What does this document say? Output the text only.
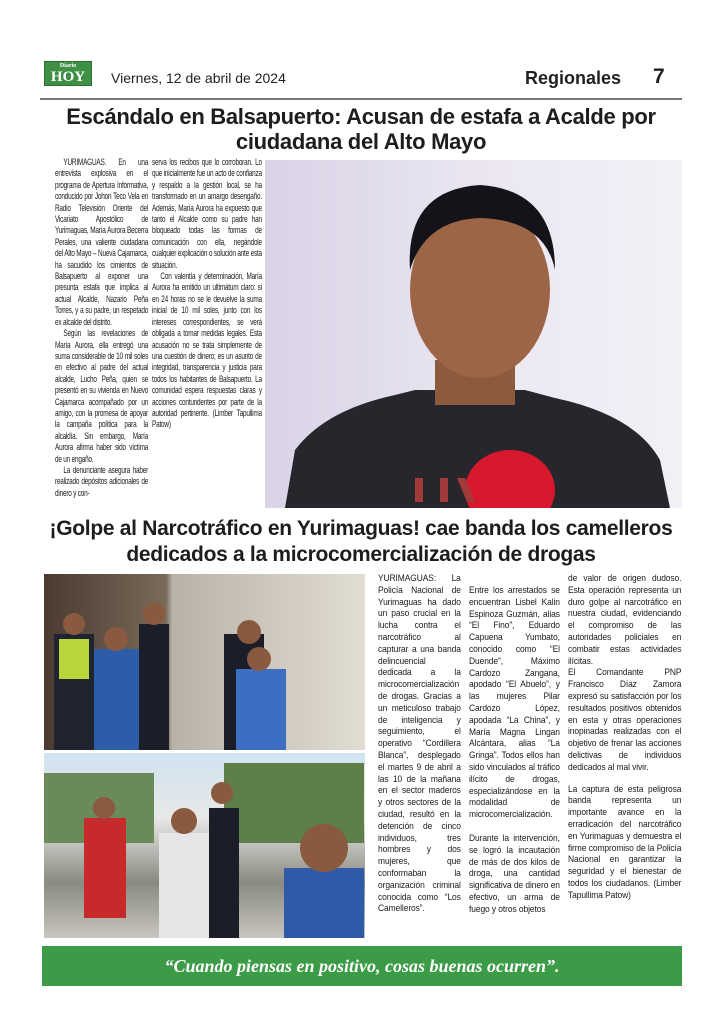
Diario
HOY	Viernes, 12 de abril de 2024	Regionales 7
Escándalo en Balsapuerto: Acusan de estafa a Acalde por ciudadana del Alto Mayo

YURIMAGUAS. En una entrevista explosiva en el programa de Apertura Informativa, conducido por Johon Teco Vela en Radio Televisión Oriente del Vicariato Apostólico de Yurimaguas, María Aurora Becerra Perales, una valiente ciudadana del Alto Mayo – Nueva Cajamarca, ha sacudido los cimientos de Balsapuerto al exponer una presunta estafa que implica al actual Alcalde, Nazario Peña Torres, y a su padre, un respetado ex alcalde del distrito.

Según las revelaciones de María Aurora, ella entregó una suma considerable de 10 mil soles en efectivo al padre del actual alcalde, Lucho Peña, quien se presentó en su vivienda en Nuevo Cajamarca acompañado por un amigo, con la promesa de apoyar la campaña política para la alcaldía. Sin embargo, María Aurora afirma haber sido víctima de un engaño.

La denunciante asegura haber realizado depósitos adicionales de dinero y con-

serva los recibos que lo corroboran. Lo que inicialmente fue un acto de confianza y respaldo a la gestión local, se ha transformado en un amargo desengaño. Además, María Aurora ha expuesto que tanto el Alcalde como su padre han bloqueado todas las formas de comunicación con ella, negándole cualquier explicación o solución ante esta situación.

Con valentía y determinación, María Aurora ha emitido un ultimátum claro: si en 24 horas no se le devuelve la suma inicial de 10 mil soles, junto con los intereses correspondientes, se verá obligada a tomar medidas legales. Esta acusación no se trata simplemente de una cuestión de dinero; es un asunto de integridad, transparencia y justicia para todos los habitantes de Balsapuerto. La comunidad espera respuestas claras y acciones contundentes por parte de la autoridad pertinente. (Limber Tapullima Patow)

¡Golpe al Narcotráfico en Yurimaguas! cae banda los camelleros dedicados a la microcomercialización de drogas

YURIMAGUAS: La Policía Nacional de Yurimaguas ha dado un paso crucial en la lucha contra el narcotráfico al capturar a una banda delincuencial dedicada a la microcomercialización de drogas. Gracias a un meticuloso trabajo de inteligencia y seguimiento, el operativo “Cordillera Blanca”, desplegado el martes 9 de abril a las 10 de la mañana en el sector maderos y otros sectores de la ciudad, resultó en la detención de cinco individuos, tres hombres y dos mujeres, que conformaban la organización criminal conocida como “Los Camelleros”.

Entre los arrestados se encuentran Lisbel Kalin Espinoza Guzmán, alias “El Fino”, Eduardo Capuena Yumbato, conocido como “El Duende”, Máximo Cardozo Zangana, apodado “El Abuelo”, y las mujeres Pilar Cardozo López, apodada “La China”, y María Magna Lingan Alcántara, alias “La Gringa”. Todos ellos han sido vinculados al tráfico ilícito de drogas, especializándose en la modalidad de microcomercialización.

Durante la intervención, se logró la incautación de más de dos kilos de droga, una cantidad significativa de dinero en efectivo, un arma de fuego y otros objetos

de valor de origen dudoso. Esta operación representa un duro golpe al narcotráfico en nuestra ciudad, evidenciando el compromiso de las autoridades policiales en combatir estas actividades ilícitas.

El Comandante PNP Francisco Díaz Zamora expresó su satisfacción por los resultados positivos obtenidos en esta y otras operaciones inopinadas realizadas con el objetivo de frenar las acciones delictivas de individuos dedicados al mal vivir.

La captura de esta peligrosa banda representa un importante avance en la erradicación del narcotráfico en Yurimaguas y demuestra el firme compromiso de la Policía Nacional en garantizar la seguridad y el bienestar de todos los ciudadanos. (Limber Tapullima Patow)

“Cuando piensas en positivo, cosas buenas ocurren”.
